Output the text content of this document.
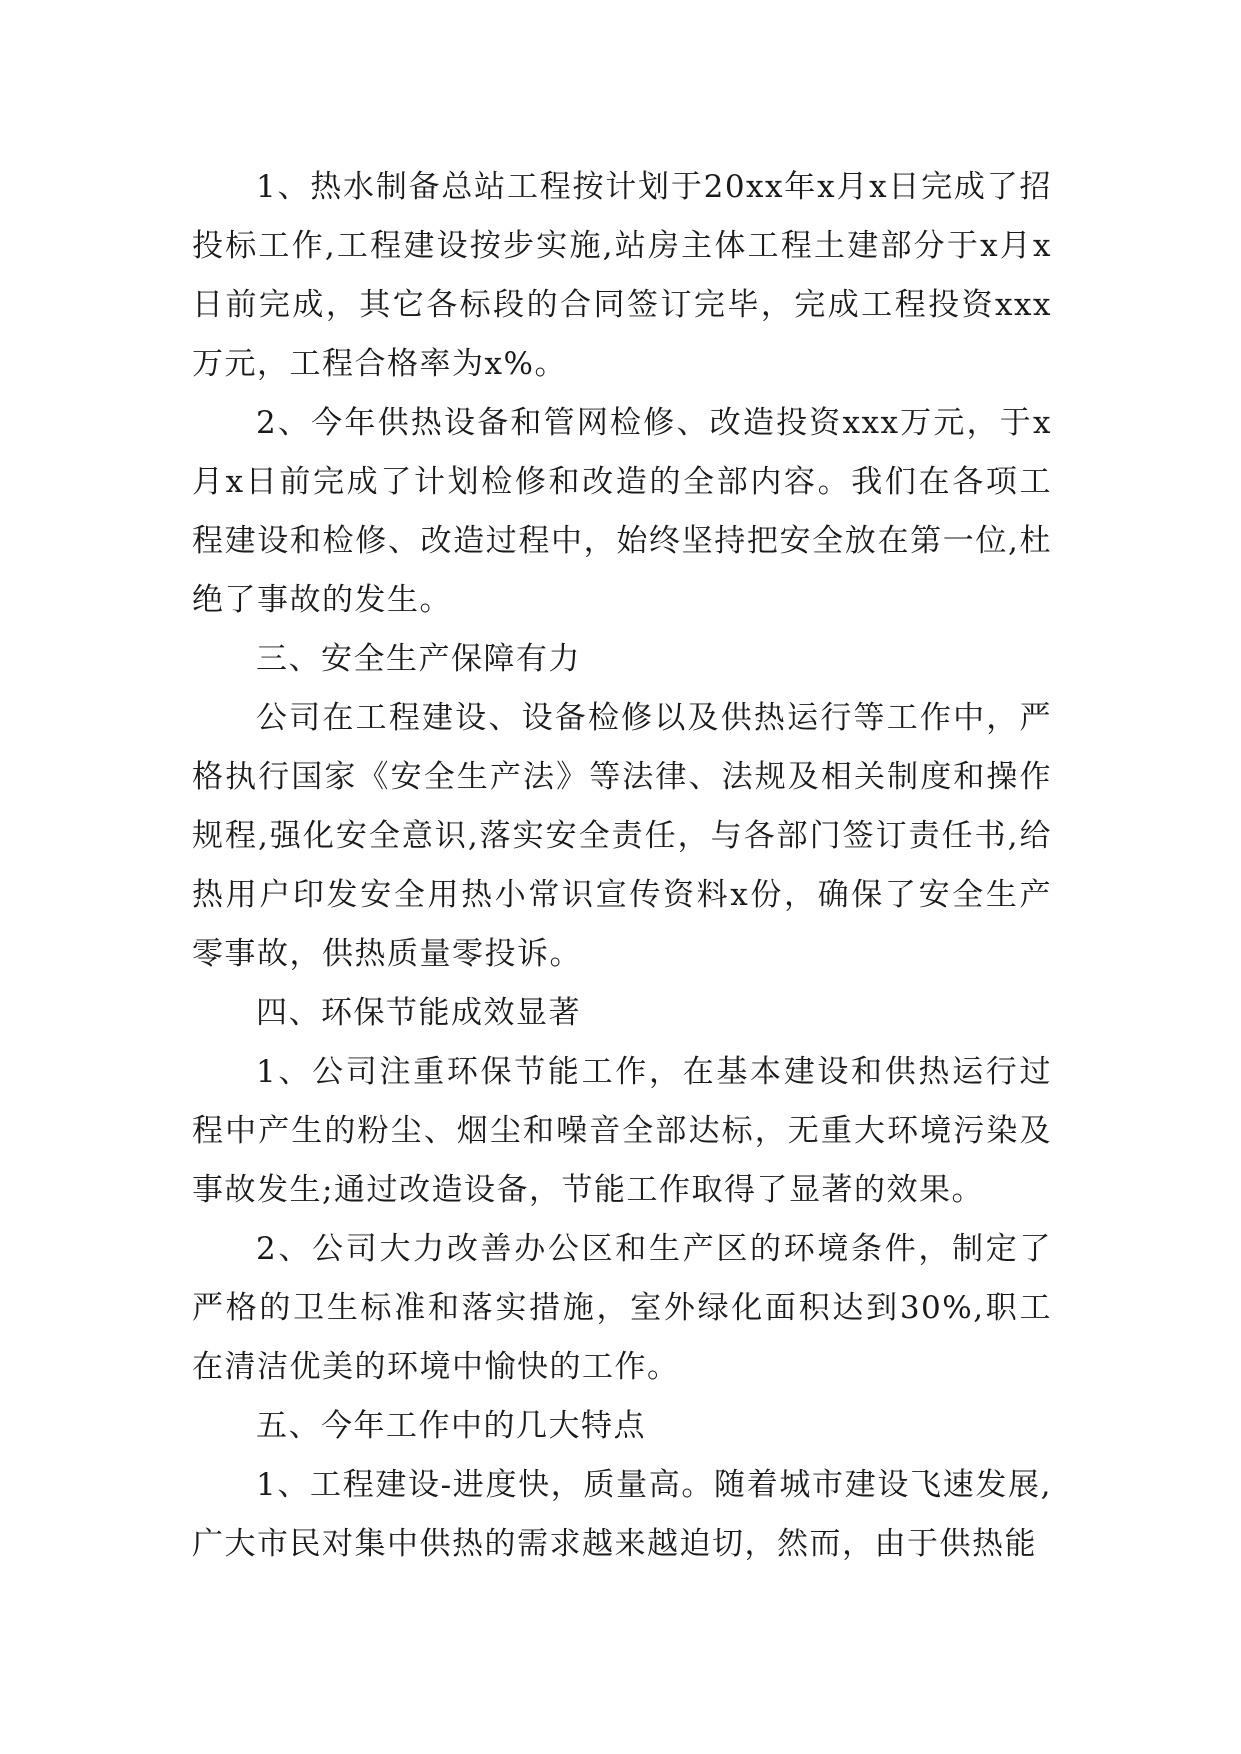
1、热水制备总站工程按计划于20xx年x月x日完成了招投标工作,工程建设按步实施,站房主体工程土建部分于x月x日前完成，其它各标段的合同签订完毕，完成工程投资xxx万元，工程合格率为x%。

2、今年供热设备和管网检修、改造投资xxx万元，于x月x日前完成了计划检修和改造的全部内容。我们在各项工程建设和检修、改造过程中，始终坚持把安全放在第一位,杜绝了事故的发生。

三、安全生产保障有力

公司在工程建设、设备检修以及供热运行等工作中，严格执行国家《安全生产法》等法律、法规及相关制度和操作规程,强化安全意识,落实安全责任，与各部门签订责任书,给热用户印发安全用热小常识宣传资料x份，确保了安全生产零事故，供热质量零投诉。

四、环保节能成效显著

1、公司注重环保节能工作，在基本建设和供热运行过程中产生的粉尘、烟尘和噪音全部达标，无重大环境污染及事故发生;通过改造设备，节能工作取得了显著的效果。

2、公司大力改善办公区和生产区的环境条件，制定了严格的卫生标准和落实措施，室外绿化面积达到30%,职工在清洁优美的环境中愉快的工作。

五、今年工作中的几大特点

1、工程建设-进度快，质量高。随着城市建设飞速发展,广大市民对集中供热的需求越来越迫切，然而，由于供热能
